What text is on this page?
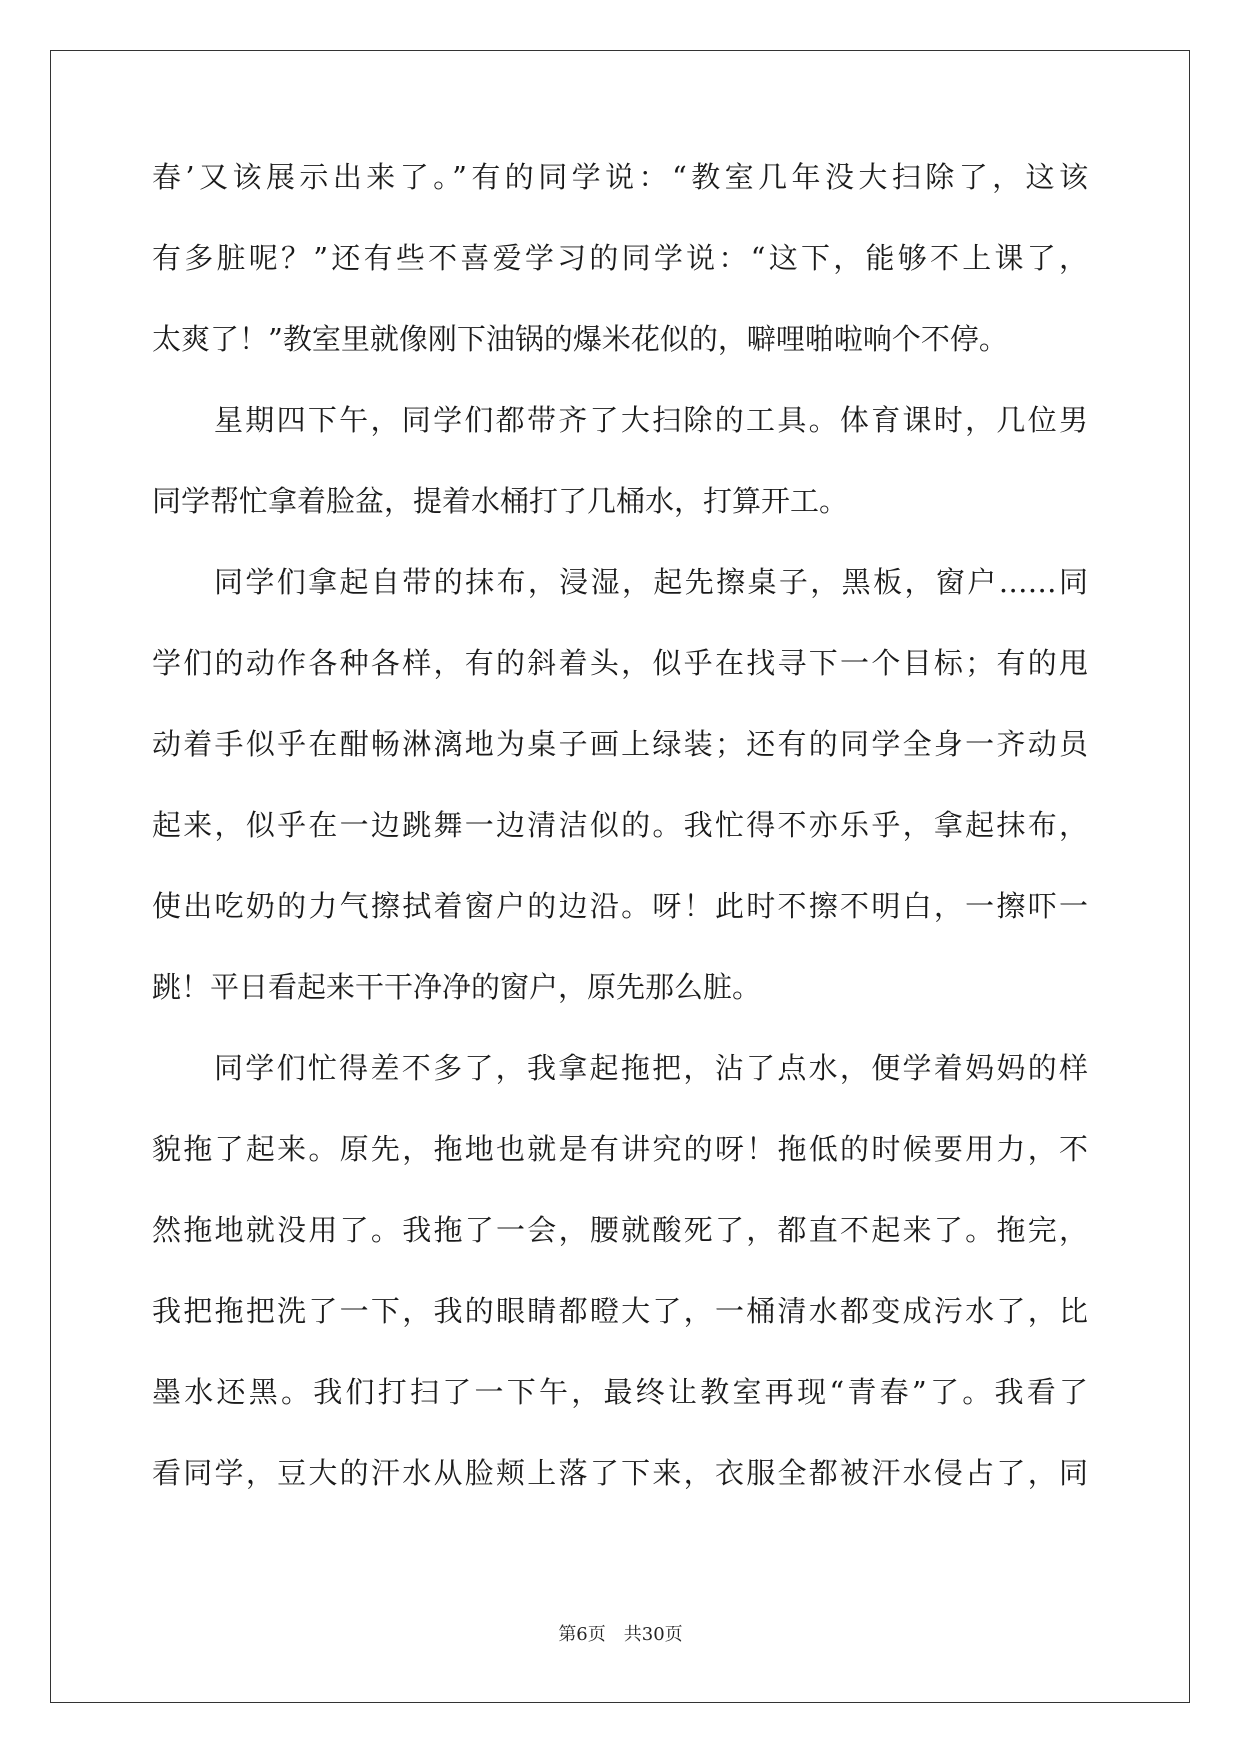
春’又该展示出来了。”有的同学说：“教室几年没大扫除了，这该
有多脏呢？”还有些不喜爱学习的同学说：“这下，能够不上课了，
太爽了！”教室里就像刚下油锅的爆米花似的，噼哩啪啦响个不停。
星期四下午，同学们都带齐了大扫除的工具。体育课时，几位男
同学帮忙拿着脸盆，提着水桶打了几桶水，打算开工。
同学们拿起自带的抹布，浸湿，起先擦桌子，黑板，窗户……同
学们的动作各种各样，有的斜着头，似乎在找寻下一个目标；有的甩
动着手似乎在酣畅淋漓地为桌子画上绿装；还有的同学全身一齐动员
起来，似乎在一边跳舞一边清洁似的。我忙得不亦乐乎，拿起抹布，
使出吃奶的力气擦拭着窗户的边沿。呀！此时不擦不明白，一擦吓一
跳！平日看起来干干净净的窗户，原先那么脏。
同学们忙得差不多了，我拿起拖把，沾了点水，便学着妈妈的样
貌拖了起来。原先，拖地也就是有讲究的呀！拖低的时候要用力，不
然拖地就没用了。我拖了一会，腰就酸死了，都直不起来了。拖完，
我把拖把洗了一下，我的眼睛都瞪大了，一桶清水都变成污水了，比
墨水还黑。我们打扫了一下午，最终让教室再现“青春”了。我看了
看同学，豆大的汗水从脸颊上落了下来，衣服全都被汗水侵占了，同
第6页 共30页
